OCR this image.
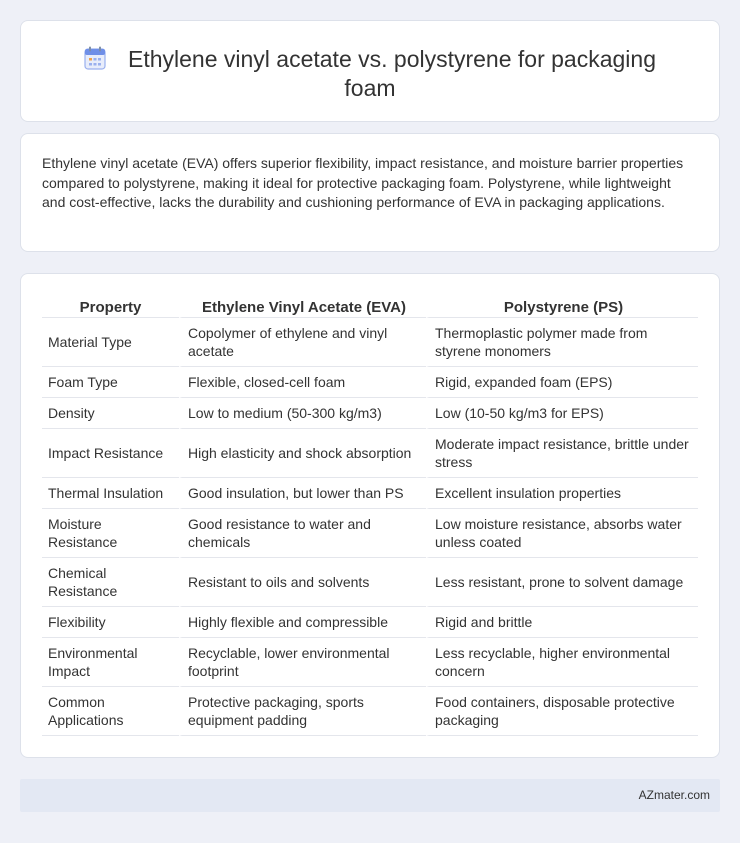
Ethylene vinyl acetate vs. polystyrene for packaging foam

Ethylene vinyl acetate (EVA) offers superior flexibility, impact resistance, and moisture barrier properties compared to polystyrene, making it ideal for protective packaging foam. Polystyrene, while lightweight and cost-effective, lacks the durability and cushioning performance of EVA in packaging applications.

Property	Ethylene Vinyl Acetate (EVA)	Polystyrene (PS)
Material Type	Copolymer of ethylene and vinyl acetate	Thermoplastic polymer made from styrene monomers
Foam Type	Flexible, closed-cell foam	Rigid, expanded foam (EPS)
Density	Low to medium (50-300 kg/m3)	Low (10-50 kg/m3 for EPS)
Impact Resistance	High elasticity and shock absorption	Moderate impact resistance, brittle under stress
Thermal Insulation	Good insulation, but lower than PS	Excellent insulation properties
Moisture Resistance	Good resistance to water and chemicals	Low moisture resistance, absorbs water unless coated
Chemical Resistance	Resistant to oils and solvents	Less resistant, prone to solvent damage
Flexibility	Highly flexible and compressible	Rigid and brittle
Environmental Impact	Recyclable, lower environmental footprint	Less recyclable, higher environmental concern
Common Applications	Protective packaging, sports equipment padding	Food containers, disposable protective packaging
AZmater.com
